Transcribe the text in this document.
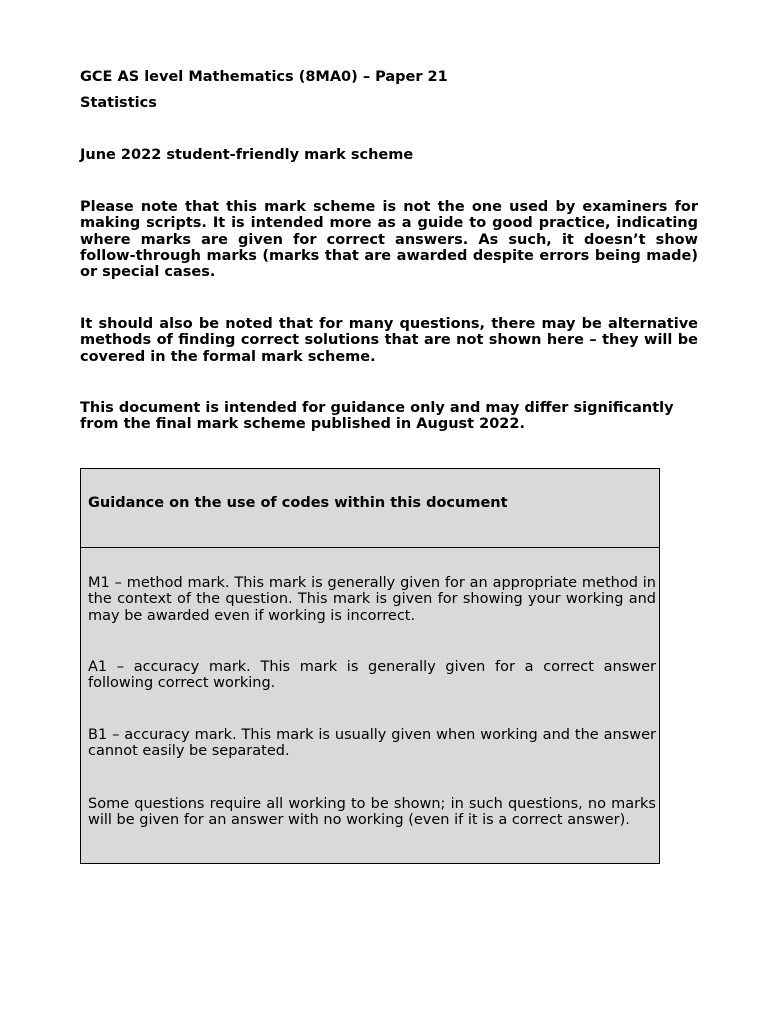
GCE AS level Mathematics (8MA0) – Paper 21
Statistics
June 2022 student-friendly mark scheme
Please note that this mark scheme is not the one used by examiners for making scripts. It is intended more as a guide to good practice, indicating where marks are given for correct answers. As such, it doesn’t show follow-through marks (marks that are awarded despite errors being made) or special cases.
It should also be noted that for many questions, there may be alternative methods of finding correct solutions that are not shown here – they will be covered in the formal mark scheme.
This document is intended for guidance only and may differ significantly from the final mark scheme published in August 2022.
Guidance on the use of codes within this document
M1 – method mark. This mark is generally given for an appropriate method in the context of the question. This mark is given for showing your working and may be awarded even if working is incorrect.
A1 – accuracy mark. This mark is generally given for a correct answer following correct working.
B1 – accuracy mark. This mark is usually given when working and the answer cannot easily be separated.
Some questions require all working to be shown; in such questions, no marks will be given for an answer with no working (even if it is a correct answer).
